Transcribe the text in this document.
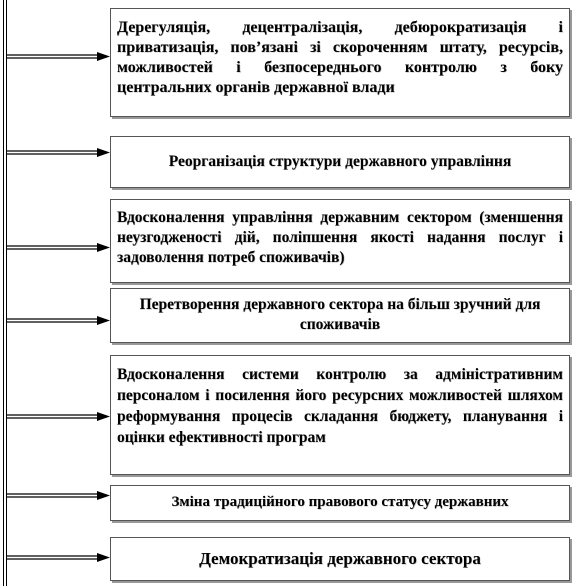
Дерегуляція, децентралізація, дебюрократизація і приватизація, пов’язані зі скороченням штату, ресурсів, можливостей і безпосереднього контролю з боку центральних органів державної влади
Реорганізація структури державного управління
Вдосконалення управління державним сектором (зменшення неузгодженості дій, поліпшення якості надання послуг і задоволення потреб споживачів)
Перетворення державного сектора на більш зручний для споживачів
Вдосконалення системи контролю за адміністративним персоналом і посилення його ресурсних можливостей шляхом реформування процесів складання бюджету, планування і оцінки ефективності програм
Зміна традиційного правового статусу державних
Демократизація державного сектора
